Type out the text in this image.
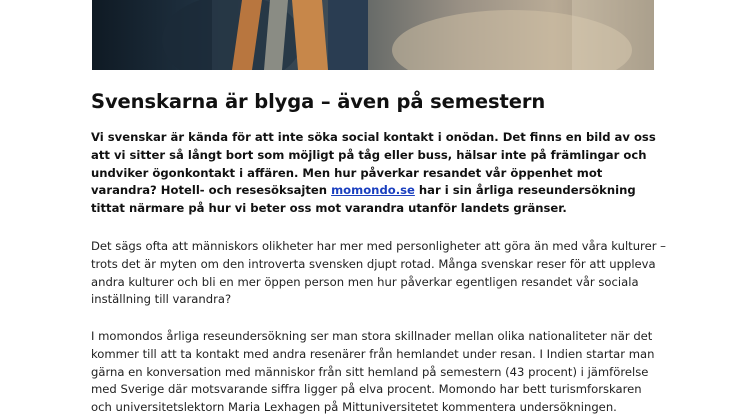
Svenskarna är blyga – även på semestern

Vi svenskar är kända för att inte söka social kontakt i onödan. Det finns en bild av oss att vi sitter så långt bort som möjligt på tåg eller buss, hälsar inte på främlingar och undviker ögonkontakt i affären. Men hur påverkar resandet vår öppenhet mot varandra? Hotell- och resesöksajten momondo.se har i sin årliga reseundersökning tittat närmare på hur vi beter oss mot varandra utanför landets gränser.

Det sägs ofta att människors olikheter har mer med personligheter att göra än med våra kulturer – trots det är myten om den introverta svensken djupt rotad. Många svenskar reser för att uppleva andra kulturer och bli en mer öppen person men hur påverkar egentligen resandet vår sociala inställning till varandra?

I momondos årliga reseundersökning ser man stora skillnader mellan olika nationaliteter när det kommer till att ta kontakt med andra resenärer från hemlandet under resan. I Indien startar man gärna en konversation med människor från sitt hemland på semestern (43 procent) i jämförelse med Sverige där motsvarande siffra ligger på elva procent. Momondo har bett turismforskaren och universitetslektorn Maria Lexhagen på Mittuniversitetet kommentera undersökningen.
